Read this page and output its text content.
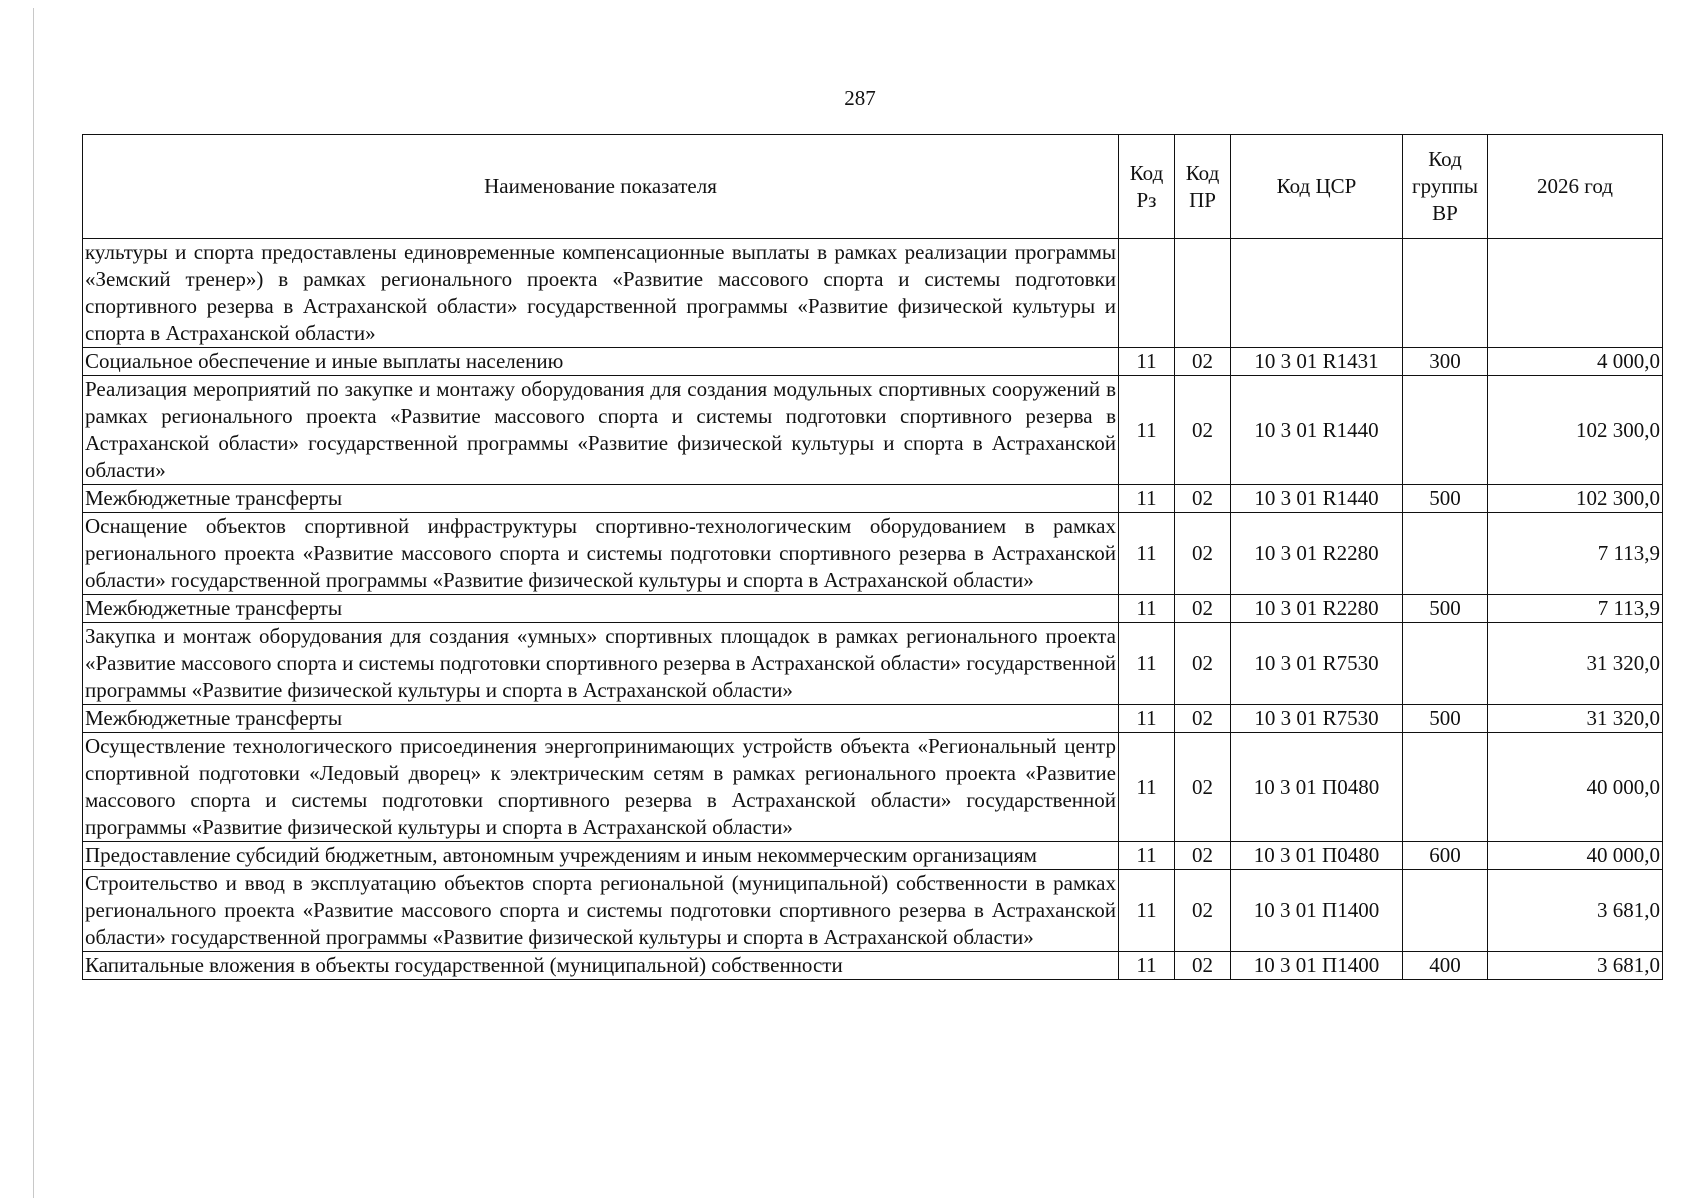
287
Наименование показателя	Код Рз	Код ПР	Код ЦСР	Код группы ВР	2026 год
культуры и спорта предоставлены единовременные компенсационные выплаты в рамках реализации программы «Земский тренер») в рамках регионального проекта «Развитие массового спорта и системы подготовки спортивного резерва в Астраханской области» государственной программы «Развитие физической культуры и спорта в Астраханской области»					
Социальное обеспечение и иные выплаты населению	11	02	10 3 01 R1431	300	4 000,0
Реализация мероприятий по закупке и монтажу оборудования для создания модульных спортивных сооружений в рамках регионального проекта «Развитие массового спорта и системы подготовки спортивного резерва в Астраханской области» государственной программы «Развитие физической культуры и спорта в Астраханской области»	11	02	10 3 01 R1440		102 300,0
Межбюджетные трансферты	11	02	10 3 01 R1440	500	102 300,0
Оснащение объектов спортивной инфраструктуры спортивно-технологическим оборудованием в рамках регионального проекта «Развитие массового спорта и системы подготовки спортивного резерва в Астраханской области» государственной программы «Развитие физической культуры и спорта в Астраханской области»	11	02	10 3 01 R2280		7 113,9
Межбюджетные трансферты	11	02	10 3 01 R2280	500	7 113,9
Закупка и монтаж оборудования для создания «умных» спортивных площадок в рамках регионального проекта «Развитие массового спорта и системы подготовки спортивного резерва в Астраханской области» государственной программы «Развитие физической культуры и спорта в Астраханской области»	11	02	10 3 01 R7530		31 320,0
Межбюджетные трансферты	11	02	10 3 01 R7530	500	31 320,0
Осуществление технологического присоединения энергопринимающих устройств объекта «Региональный центр спортивной подготовки «Ледовый дворец» к электрическим сетям в рамках регионального проекта «Развитие массового спорта и системы подготовки спортивного резерва в Астраханской области» государственной программы «Развитие физической культуры и спорта в Астраханской области»	11	02	10 3 01 П0480		40 000,0
Предоставление субсидий бюджетным, автономным учреждениям и иным некоммерческим организациям	11	02	10 3 01 П0480	600	40 000,0
Строительство и ввод в эксплуатацию объектов спорта региональной (муниципальной) собственности в рамках регионального проекта «Развитие массового спорта и системы подготовки спортивного резерва в Астраханской области» государственной программы «Развитие физической культуры и спорта в Астраханской области»	11	02	10 3 01 П1400		3 681,0
Капитальные вложения в объекты государственной (муниципальной) собственности	11	02	10 3 01 П1400	400	3 681,0
